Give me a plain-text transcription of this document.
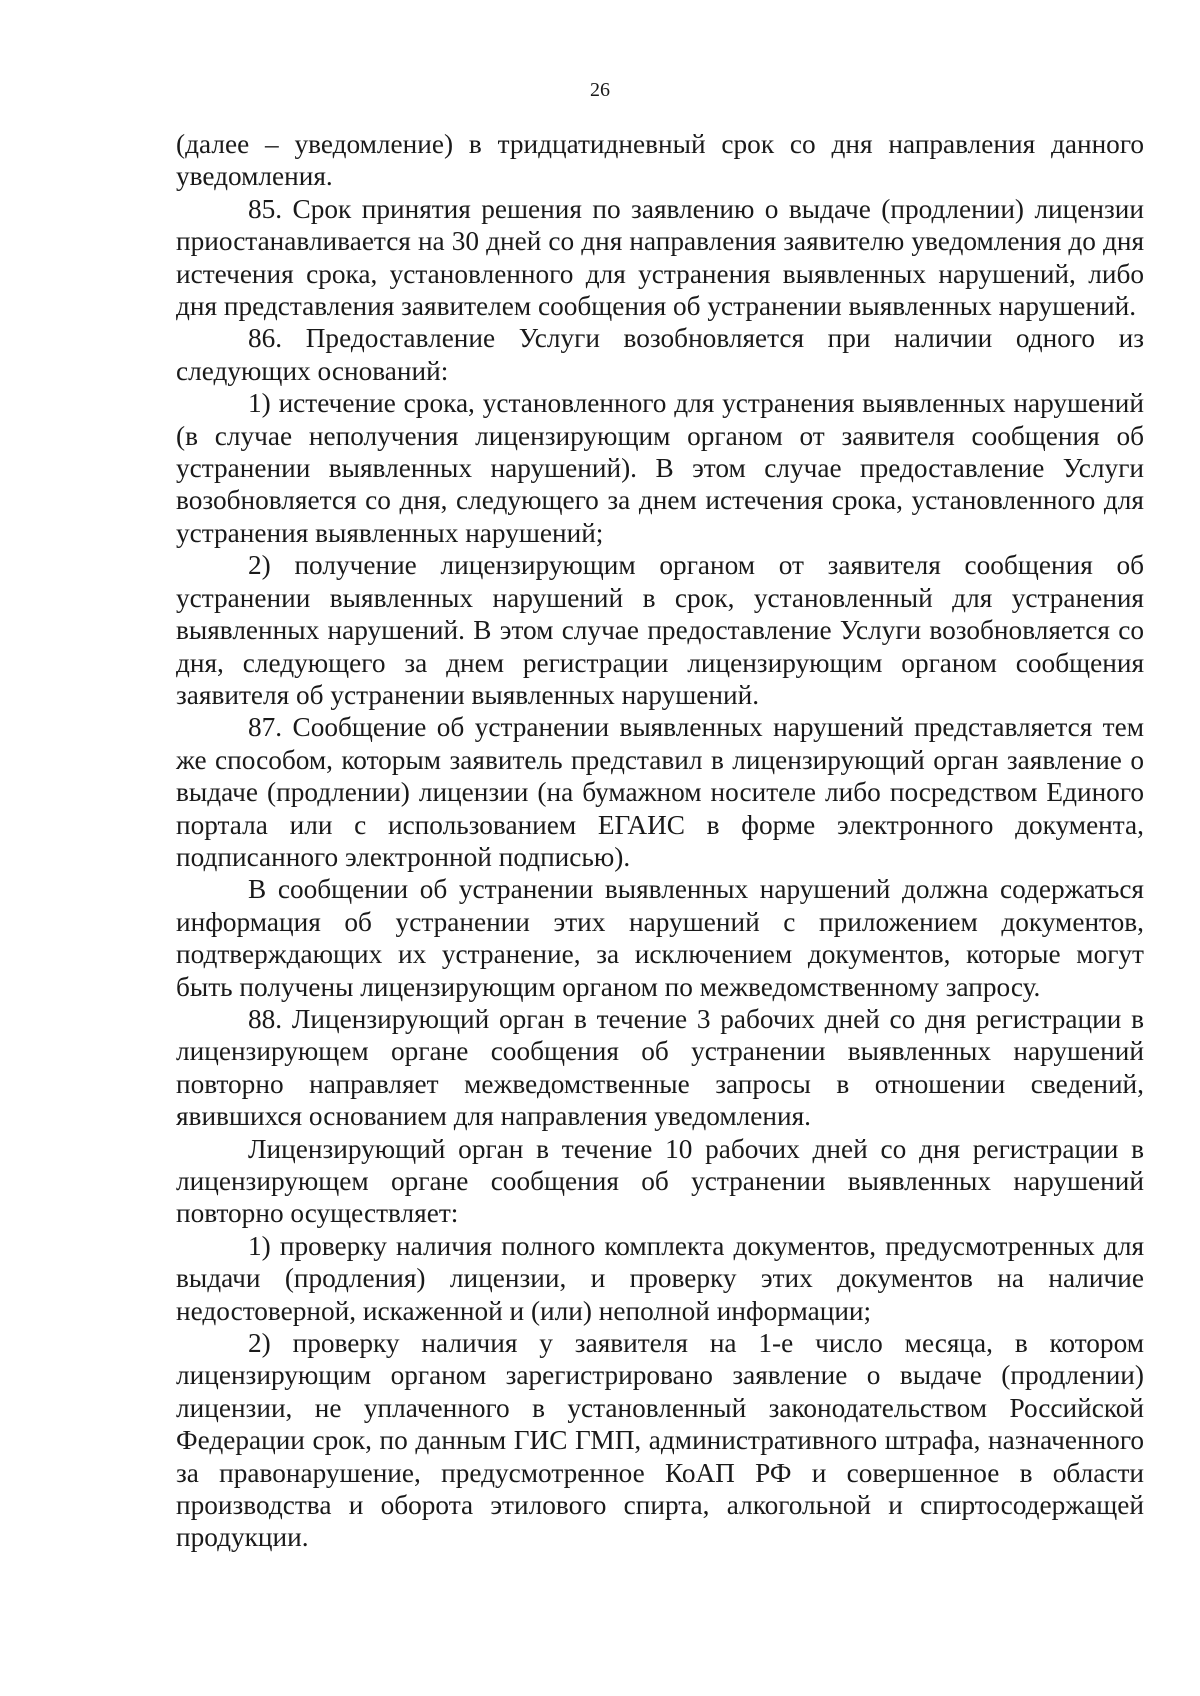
26

(далее – уведомление) в тридцатидневный срок со дня направления данного уведомления.

85. Срок принятия решения по заявлению о выдаче (продлении) лицензии приостанавливается на 30 дней со дня направления заявителю уведомления до дня истечения срока, установленного для устранения выявленных нарушений, либо дня представления заявителем сообщения об устранении выявленных нарушений.

86. Предоставление Услуги возобновляется при наличии одного из следующих оснований:

1) истечение срока, установленного для устранения выявленных нарушений (в случае неполучения лицензирующим органом от заявителя сообщения об устранении выявленных нарушений). В этом случае предоставление Услуги возобновляется со дня, следующего за днем истечения срока, установленного для устранения выявленных нарушений;

2) получение лицензирующим органом от заявителя сообщения об устранении выявленных нарушений в срок, установленный для устранения выявленных нарушений. В этом случае предоставление Услуги возобновляется со дня, следующего за днем регистрации лицензирующим органом сообщения заявителя об устранении выявленных нарушений.

87. Сообщение об устранении выявленных нарушений представляется тем же способом, которым заявитель представил в лицензирующий орган заявление о выдаче (продлении) лицензии (на бумажном носителе либо посредством Единого портала или с использованием ЕГАИС в форме электронного документа, подписанного электронной подписью).

В сообщении об устранении выявленных нарушений должна содержаться информация об устранении этих нарушений с приложением документов, подтверждающих их устранение, за исключением документов, которые могут быть получены лицензирующим органом по межведомственному запросу.

88. Лицензирующий орган в течение 3 рабочих дней со дня регистрации в лицензирующем органе сообщения об устранении выявленных нарушений повторно направляет межведомственные запросы в отношении сведений, явившихся основанием для направления уведомления.

Лицензирующий орган в течение 10 рабочих дней со дня регистрации в лицензирующем органе сообщения об устранении выявленных нарушений повторно осуществляет:

1) проверку наличия полного комплекта документов, предусмотренных для выдачи (продления) лицензии, и проверку этих документов на наличие недостоверной, искаженной и (или) неполной информации;

2) проверку наличия у заявителя на 1-е число месяца, в котором лицензирующим органом зарегистрировано заявление о выдаче (продлении) лицензии, не уплаченного в установленный законодательством Российской Федерации срок, по данным ГИС ГМП, административного штрафа, назначенного за правонарушение, предусмотренное КоАП РФ и совершенное в области производства и оборота этилового спирта, алкогольной и спиртосодержащей продукции.
